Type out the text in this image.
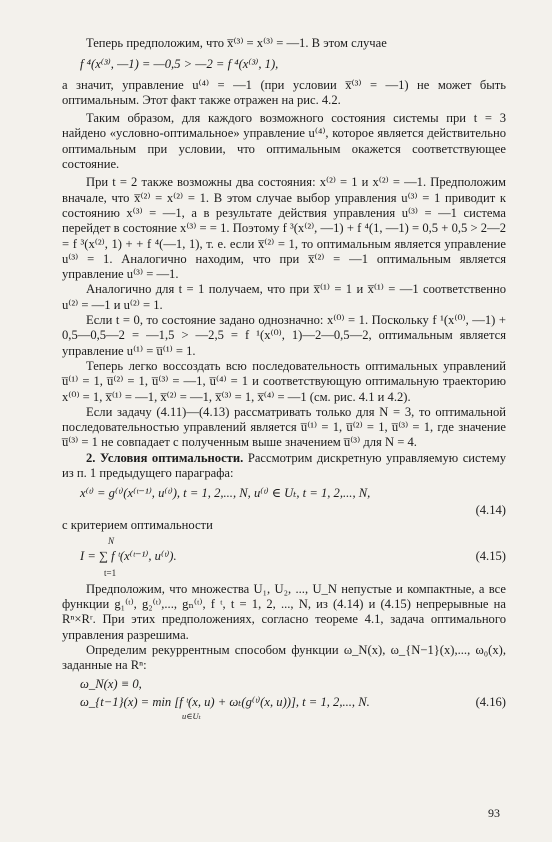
Теперь предположим, что x̅⁽³⁾ = x⁽³⁾ = —1. В этом случае

f ⁴(x⁽³⁾, —1) = —0,5 > —2 = f ⁴(x⁽³⁾, 1),

а значит, управление u⁽⁴⁾ = —1 (при условии x̅⁽³⁾ = —1) не может быть оптимальным. Этот факт также отражен на рис. 4.2.

Таким образом, для каждого возможного состояния системы при t = 3 найдено «условно-оптимальное» управление u⁽⁴⁾, которое является действительно оптимальным при условии, что оптимальным окажется соответствующее состояние.

При t = 2 также возможны два состояния: x⁽²⁾ = 1 и x⁽²⁾ = —1. Предположим вначале, что x̅⁽²⁾ = x⁽²⁾ = 1. В этом случае выбор управления u⁽³⁾ = 1 приводит к состоянию x⁽³⁾ = —1, а в результате действия управления u⁽³⁾ = —1 система перейдет в состояние x⁽³⁾ = = 1. Поэтому f ³(x⁽²⁾, —1) + f ⁴(1, —1) = 0,5 + 0,5 > 2—2 = f ³(x⁽²⁾, 1) + + f ⁴(—1, 1), т. е. если x̅⁽²⁾ = 1, то оптимальным является управление u⁽³⁾ = 1. Аналогично находим, что при x̅⁽²⁾ = —1 оптимальным является управление u⁽³⁾ = —1.

Аналогично для t = 1 получаем, что при x̅⁽¹⁾ = 1 и x̅⁽¹⁾ = —1 соответственно u⁽²⁾ = —1 и u⁽²⁾ = 1.

Если t = 0, то состояние задано однозначно: x⁽⁰⁾ = 1. Поскольку f ¹(x⁽⁰⁾, —1) + 0,5—0,5—2 = —1,5 > —2,5 = f ¹(x⁽⁰⁾, 1)—2—0,5—2, оптимальным является управление u⁽¹⁾ = u̅⁽¹⁾ = 1.

Теперь легко воссоздать всю последовательность оптимальных управлений u̅⁽¹⁾ = 1, u̅⁽²⁾ = 1, u̅⁽³⁾ = —1, u̅⁽⁴⁾ = 1 и соответствующую оптимальную траекторию x⁽⁰⁾ = 1, x̅⁽¹⁾ = —1, x̅⁽²⁾ = —1, x̅⁽³⁾ = 1, x̅⁽⁴⁾ = —1 (см. рис. 4.1 и 4.2).

Если задачу (4.11)—(4.13) рассматривать только для N = 3, то оптимальной последовательностью управлений является u̅⁽¹⁾ = 1, u̅⁽²⁾ = 1, u̅⁽³⁾ = 1, где значение u̅⁽³⁾ = 1 не совпадает с полученным выше значением u̅⁽³⁾ для N = 4.

2. Условия оптимальности. Рассмотрим дискретную управляемую систему из п. 1 предыдущего параграфа:

x⁽ᵗ⁾ = g⁽ᵗ⁾(x⁽ᵗ⁻¹⁾, u⁽ᵗ⁾), t = 1, 2,..., N, u⁽ᵗ⁾ ∈ Uₜ, t = 1, 2,..., N,
(4.14)

с критерием оптимальности

N
I = ∑ f ᵗ(x⁽ᵗ⁻¹⁾, u⁽ᵗ⁾).
t=1
(4.15)

Предположим, что множества U₁, U₂, ..., U_N непустые и компактные, а все функции g₁⁽ᵗ⁾, g₂⁽ᵗ⁾,..., gₙ⁽ᵗ⁾, f ᵗ, t = 1, 2, ..., N, из (4.14) и (4.15) непрерывные на Rⁿ×Rʳ. При этих предположениях, согласно теореме 4.1, задача оптимального управления разрешима.

Определим рекуррентным способом функции ω_N(x), ω_{N−1}(x),..., ω₀(x), заданные на Rⁿ:

ω_N(x) ≡ 0,
ω_{t−1}(x) = min [f ᵗ(x, u) + ωₜ(g⁽ᵗ⁾(x, u))], t = 1, 2,..., N.
u∈Uₜ
(4.16)
93
